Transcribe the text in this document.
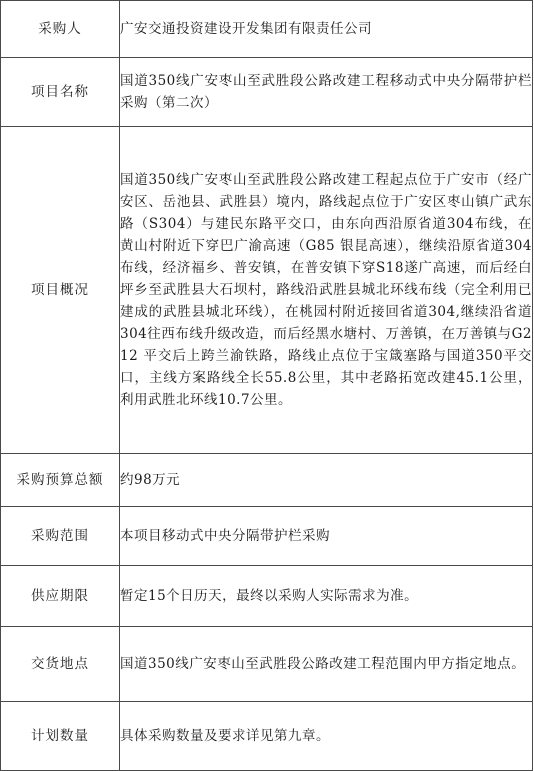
采购人	广安交通投资建设开发集团有限责任公司
项目名称	国道350线广安枣山至武胜段公路改建工程移动式中央分隔带护栏采购（第二次）
项目概况	国道350线广安枣山至武胜段公路改建工程起点位于广安市（经广安区、岳池县、武胜县）境内，路线起点位于广安区枣山镇广武东路（S304）与建民东路平交口，由东向西沿原省道304布线，在黄山村附近下穿巴广渝高速（G85 银昆高速），继续沿原省道304布线，经济福乡、普安镇，在普安镇下穿S18遂广高速，而后经白坪乡至武胜县大石坝村，路线沿武胜县城北环线布线（完全利用已建成的武胜县城北环线），在桃园村附近接回省道304,继续沿省道304往西布线升级改造，而后经黑水塘村、万善镇，在万善镇与G212 平交后上跨兰渝铁路，路线止点位于宝箴塞路与国道350平交口，主线方案路线全长55.8公里，其中老路拓宽改建45.1公里，利用武胜北环线10.7公里。
采购预算总额	约98万元
采购范围	本项目移动式中央分隔带护栏采购
供应期限	暂定15个日历天，最终以采购人实际需求为准。
交货地点	国道350线广安枣山至武胜段公路改建工程范围内甲方指定地点。
计划数量	具体采购数量及要求详见第九章。
